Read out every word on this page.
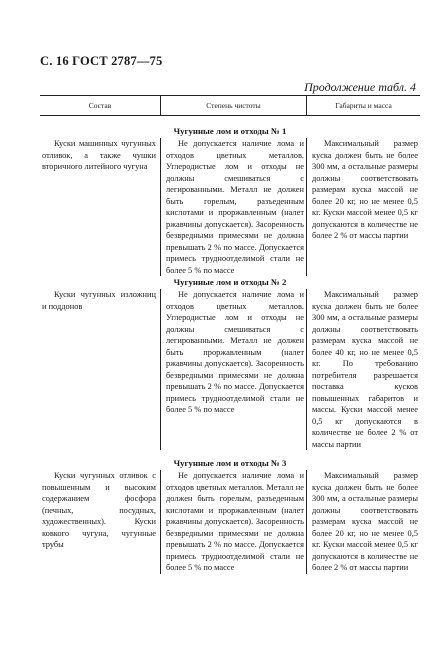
С. 16 ГОСТ 2787—75
Продолжение табл. 4
Состав	Степень чистоты	Габариты и масса
Чугунные лом и отходы № 1
Куски машинных чугунных отливок, а также чушки вторичного литейного чугуна
Не допускается наличие лома и отходов цветных металлов. Углеродистые лом и отходы не должны смешиваться с легированными. Металл не должен быть горелым, разъеденным кислотами и проржавленным (налет ржавчины допускается). Засоренность безвредными примесями не должна превышать 2 % по массе. Допускается примесь трудноотделимой стали не более 5 % по массе
Максимальный размер куска должен быть не более 300 мм, а остальные размеры должны соответствовать размерам куска массой не более 20 кг, но не менее 0,5 кг. Куски массой менее 0,5 кг допускаются в количестве не более 2 % от массы партии
Чугунные лом и отходы № 2
Куски чугунных изложниц и поддонов
Не допускается наличие лома и отходов цветных металлов. Углеродистые лом и отходы не должны смешиваться с легированными. Металл не должен быть проржавленным (налет ржавчины допускается). Засоренность безвредными примесями не должна превышать 2 % по массе. Допускается примесь трудноотделимой стали не более 5 % по массе
Максимальный размер куска должен быть не более 300 мм, а остальные размеры должны соответствовать размерам куска массой не более 40 кг, но не менее 0,5 кг. По требованию потребителя разрешается поставка кусков повышенных габаритов и массы. Куски массой менее 0,5 кг допускаются в количестве не более 2 % от массы партии
Чугунные лом и отходы № 3
Куски чугунных отливок с повышенным и высоким содержанием фосфора (печных, посудных, художественных). Куски ковкого чугуна, чугунные трубы
Не допускается наличие лома и отходов цветных металлов. Металл не должен быть горелым, разъеденным кислотами и проржавленным (налет ржавчины допускается). Засоренность безвредными примесями не должна превышать 2 % по массе. Допускается примесь трудноотделимой стали не более 5 % по массе
Максимальный размер куска должен быть не более 300 мм, а остальные размеры должны соответствовать размерам куска массой не более 20 кг, но не менее 0,5 кг. Куски массой менее 0,5 кг допускаются в количестве не более 2 % от массы партии
